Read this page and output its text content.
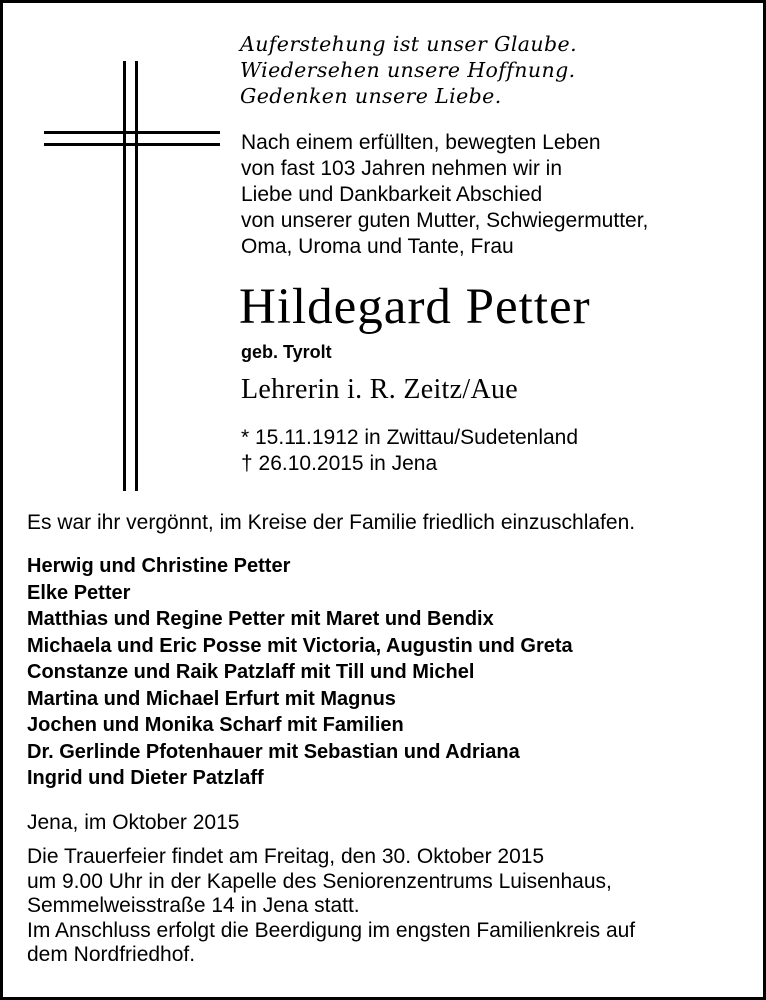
Auferstehung ist unser Glaube.
Wiedersehen unsere Hoffnung.
Gedenken unsere Liebe.
Nach einem erfüllten, bewegten Leben
von fast 103 Jahren nehmen wir in
Liebe und Dankbarkeit Abschied
von unserer guten Mutter, Schwiegermutter,
Oma, Uroma und Tante, Frau
Hildegard Petter
geb. Tyrolt
Lehrerin i. R. Zeitz/Aue
* 15.11.1912 in Zwittau/Sudetenland
† 26.10.2015 in Jena
Es war ihr vergönnt, im Kreise der Familie friedlich einzuschlafen.
Herwig und Christine Petter
Elke Petter
Matthias und Regine Petter mit Maret und Bendix
Michaela und Eric Posse mit Victoria, Augustin und Greta
Constanze und Raik Patzlaff mit Till und Michel
Martina und Michael Erfurt mit Magnus
Jochen und Monika Scharf mit Familien
Dr. Gerlinde Pfotenhauer mit Sebastian und Adriana
Ingrid und Dieter Patzlaff
Jena, im Oktober 2015
Die Trauerfeier findet am Freitag, den 30. Oktober 2015
um 9.00 Uhr in der Kapelle des Seniorenzentrums Luisenhaus,
Semmelweisstraße 14 in Jena statt.
Im Anschluss erfolgt die Beerdigung im engsten Familienkreis auf
dem Nordfriedhof.
